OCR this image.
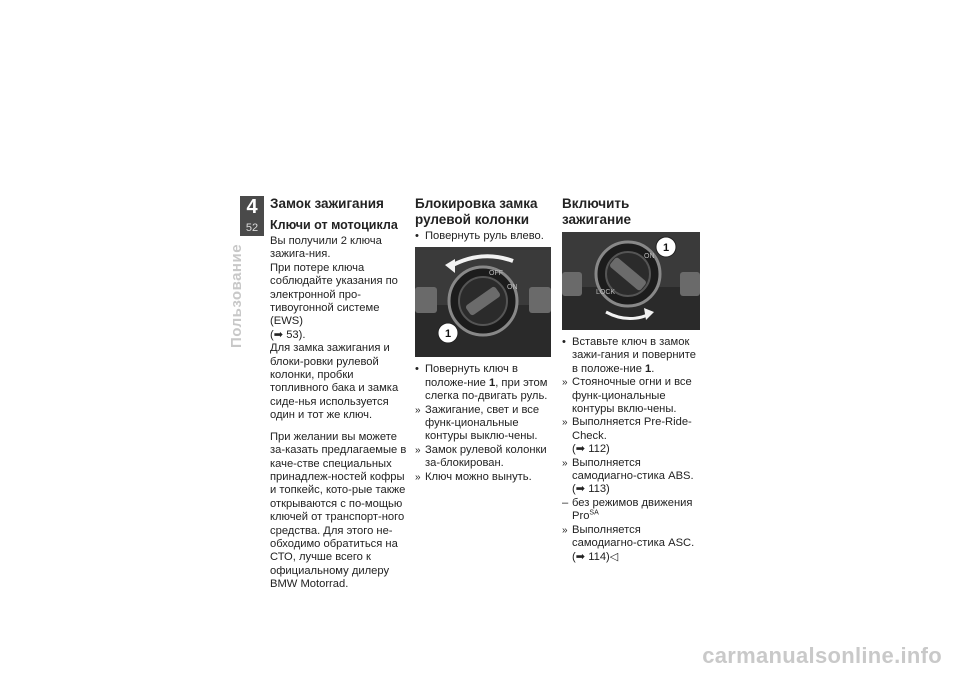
4
52
Пользование
Замок зажигания
Ключи от мотоцикла

Вы получили 2 ключа зажига-ния.

При потере ключа соблюдайте указания по электронной про-тивоугонной системе (EWS)

(➡ 53).

Для замка зажигания и блоки-ровки рулевой колонки, пробки топливного бака и замка сиде-нья используется один и тот же ключ.

При желании вы можете за-казать предлагаемые в каче-стве специальных принадлеж-ностей кофры и топкейс, кото-рые также открываются с по-мощью ключей от транспорт-ного средства. Для этого не-обходимо обратиться на СТО, лучше всего к официальному дилеру BMW Motorrad.

Блокировка замка рулевой колонки
•
Повернуть руль влево.
OFF
ON
1
•
Повернуть ключ в положе-ние 1, при этом слегка по-двигать руль.
»
Зажигание, свет и все функ-циональные контуры выклю-чены.
»
Замок рулевой колонки за-блокирован.
»
Ключ можно вынуть.
Включить зажигание
ON
LOCK
1
•
Вставьте ключ в замок зажи-гания и поверните в положе-ние 1.
»
Стояночные огни и все функ-циональные контуры вклю-чены.
»
Выполняется Pre-Ride-Check.
(➡ 112)
»
Выполняется самодиагно-стика ABS. (➡ 113)
–
без режимов движения Pro$^{SA}$
»
Выполняется самодиагно-стика ASC. (➡ 114)◁
carmanualsonline.info
